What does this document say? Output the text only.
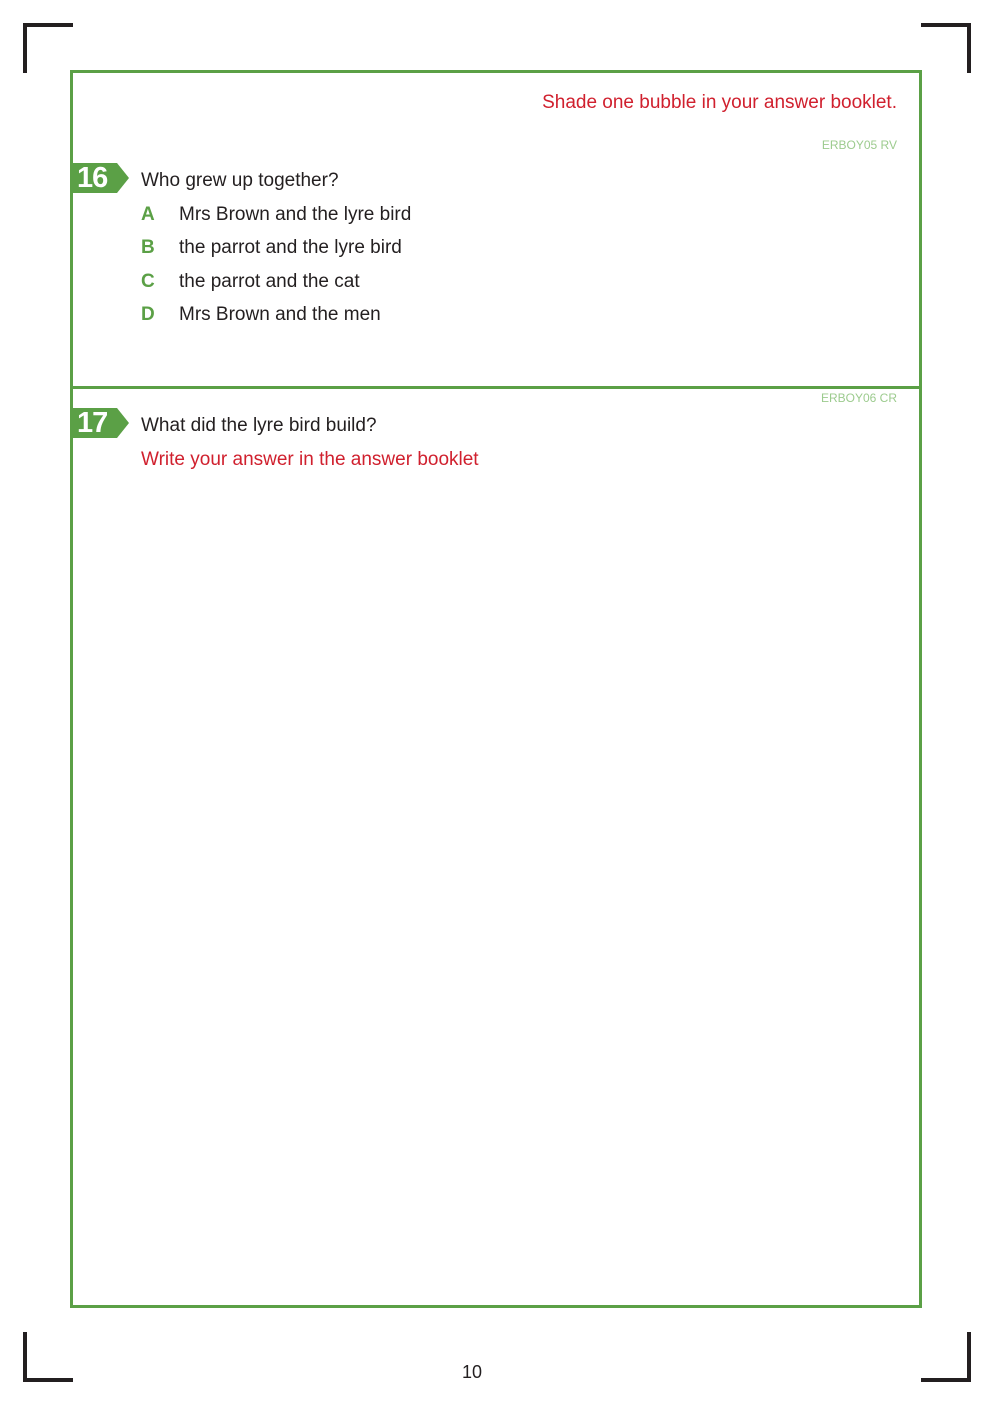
Shade one bubble in your answer booklet.
ERBOY05 RV
16	Who grew up together?
A	Mrs Brown and the lyre bird
B	the parrot and the lyre bird
C	the parrot and the cat
D	Mrs Brown and the men
ERBOY06 CR
17	What did the lyre bird build?
Write your answer in the answer booklet
10
